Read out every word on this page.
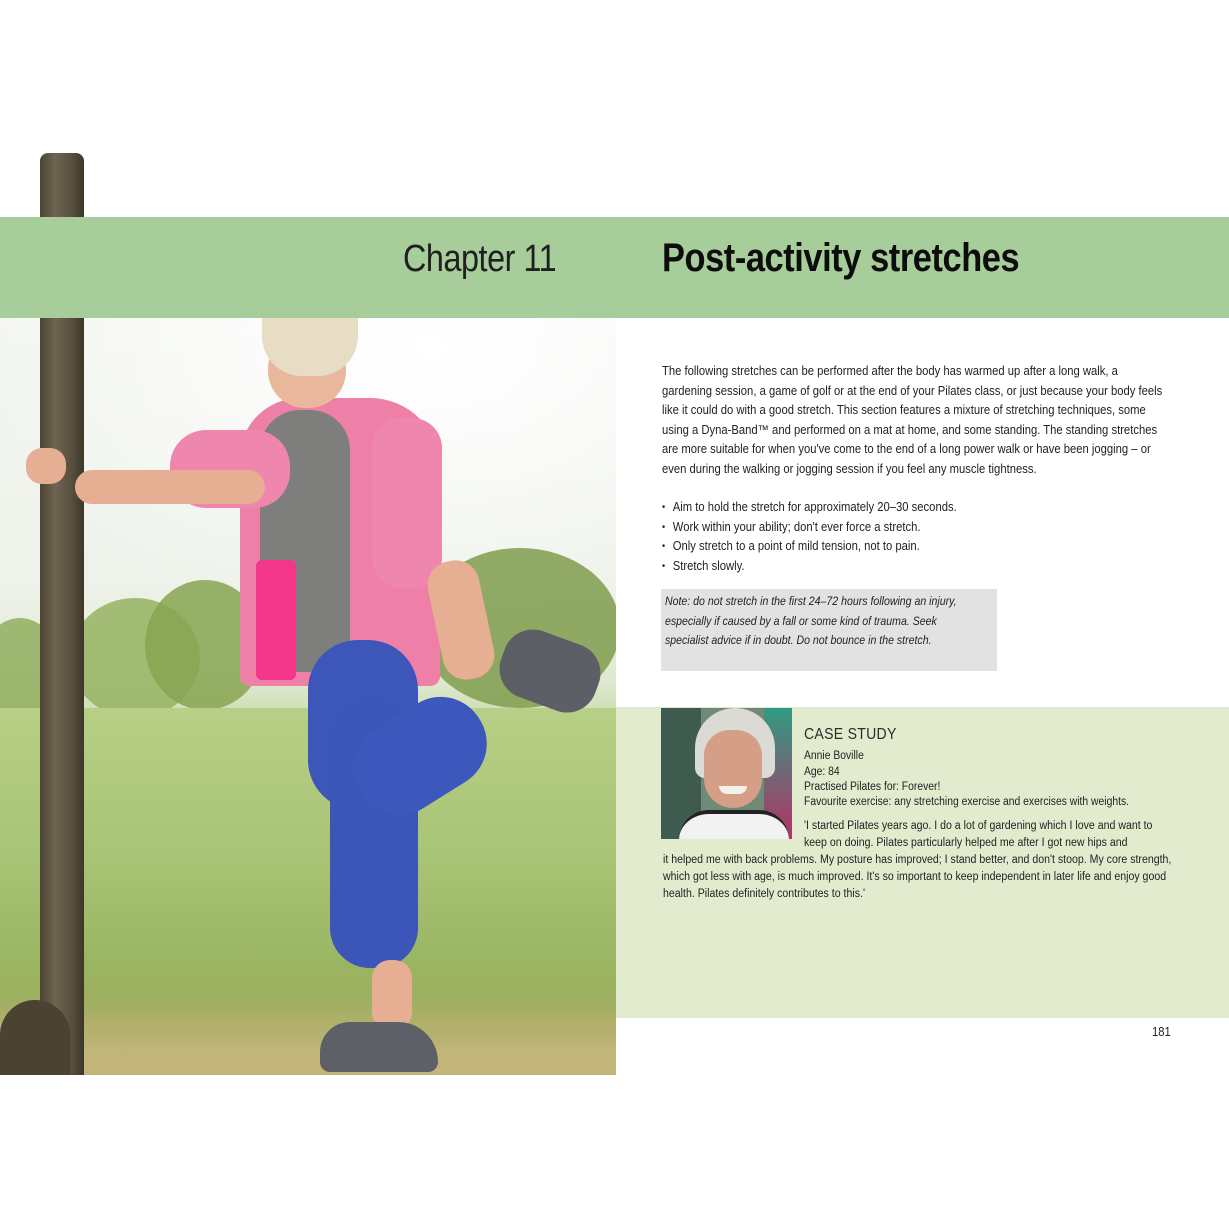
Chapter 11	Post-activity stretches

The following stretches can be performed after the body has warmed up after a long walk, a gardening session, a game of golf or at the end of your Pilates class, or just because your body feels like it could do with a good stretch. This section features a mixture of stretching techniques, some using a Dyna-Band™ and performed on a mat at home, and some standing. The standing stretches are more suitable for when you've come to the end of a long power walk or have been jogging – or even during the walking or jogging session if you feel any muscle tightness.

• Aim to hold the stretch for approximately 20–30 seconds.
• Work within your ability; don't ever force a stretch.
• Only stretch to a point of mild tension, not to pain.
• Stretch slowly.

Note: do not stretch in the first 24–72 hours following an injury, especially if caused by a fall or some kind of trauma. Seek specialist advice if in doubt. Do not bounce in the stretch.

CASE STUDY
Annie Boville
Age: 84
Practised Pilates for: Forever!
Favourite exercise: any stretching exercise and exercises with weights.

'I started Pilates years ago. I do a lot of gardening which I love and want to keep on doing. Pilates particularly helped me after I got new hips and

it helped me with back problems. My posture has improved; I stand better, and don't stoop. My core strength, which got less with age, is much improved. It's so important to keep independent in later life and enjoy good health. Pilates definitely contributes to this.'

181
